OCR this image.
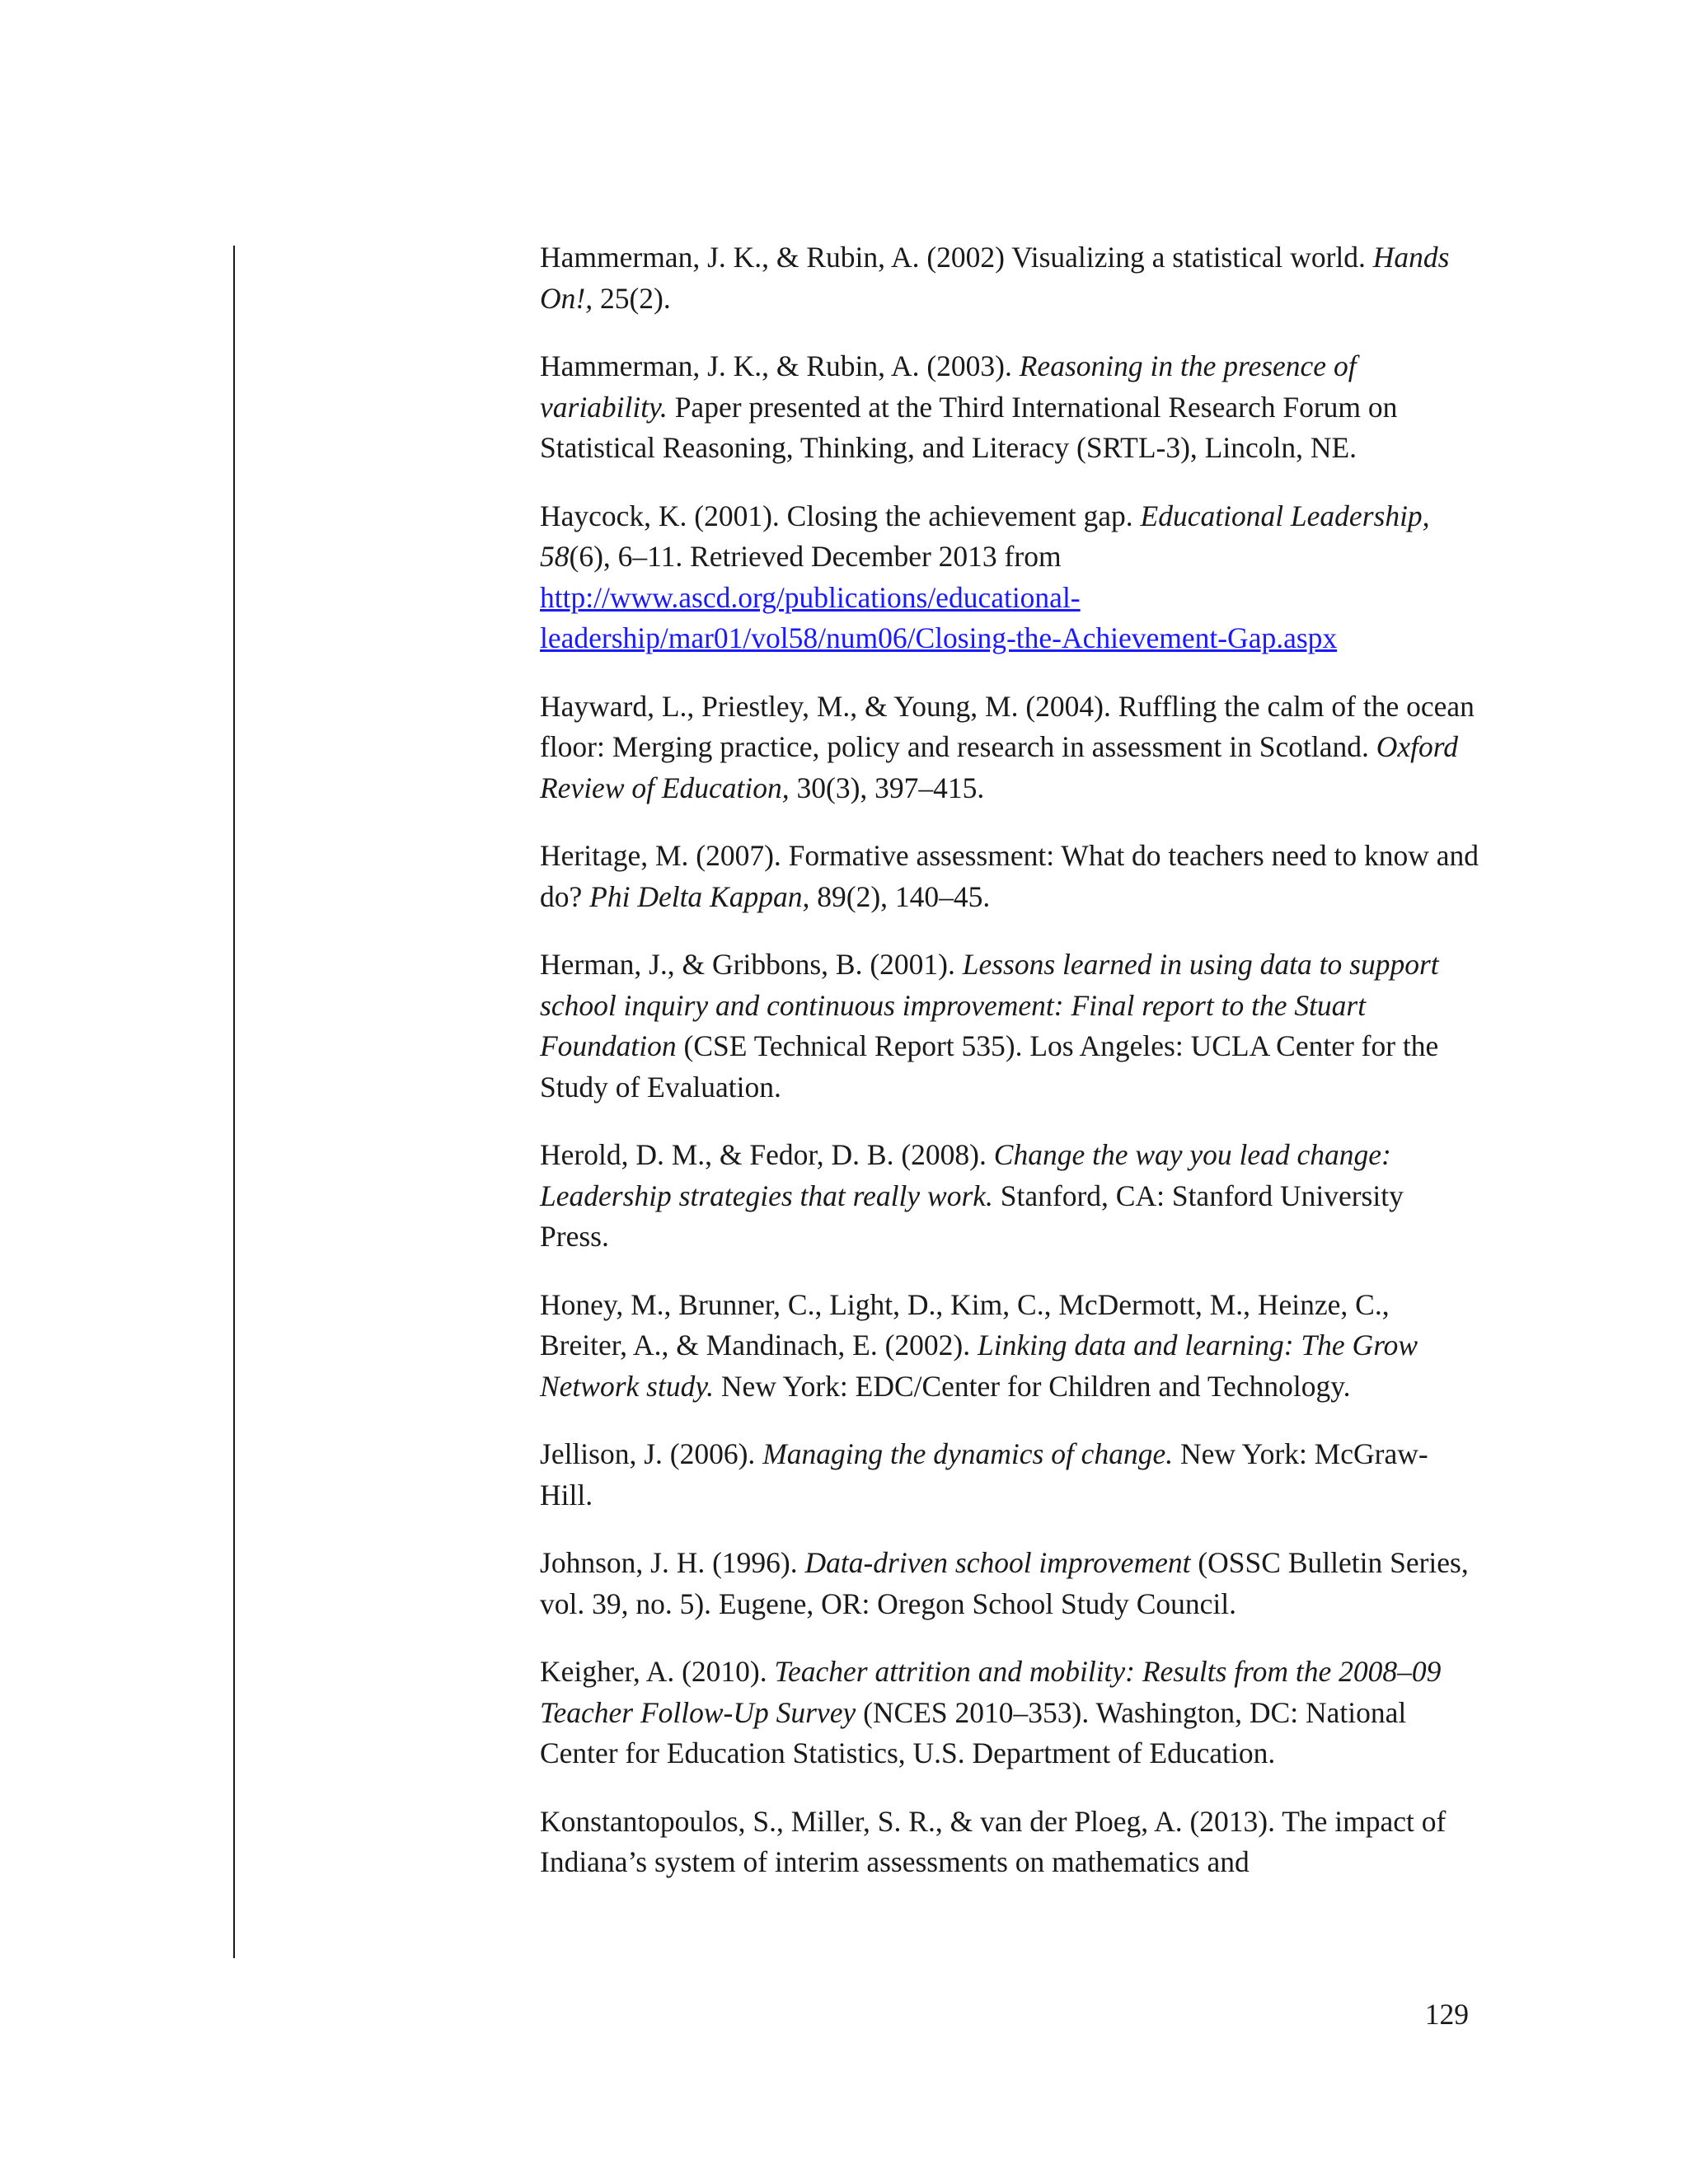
Hammerman, J. K., & Rubin, A. (2002) Visualizing a statistical world. Hands On!, 25(2).
Hammerman, J. K., & Rubin, A. (2003). Reasoning in the presence of variability. Paper presented at the Third International Research Forum on Statistical Reasoning, Thinking, and Literacy (SRTL-3), Lincoln, NE.
Haycock, K. (2001). Closing the achievement gap. Educational Leadership, 58(6), 6–11. Retrieved December 2013 from http://www.ascd.org/publications/educational-
leadership/mar01/vol58/num06/Closing-the-Achievement-Gap.aspx
Hayward, L., Priestley, M., & Young, M. (2004). Ruffling the calm of the ocean floor: Merging practice, policy and research in assessment in Scotland. Oxford Review of Education, 30(3), 397–415.
Heritage, M. (2007). Formative assessment: What do teachers need to know and do? Phi Delta Kappan, 89(2), 140–45.
Herman, J., & Gribbons, B. (2001). Lessons learned in using data to support school inquiry and continuous improvement: Final report to the Stuart Foundation (CSE Technical Report 535). Los Angeles: UCLA Center for the Study of Evaluation.
Herold, D. M., & Fedor, D. B. (2008). Change the way you lead change: Leadership strategies that really work. Stanford, CA: Stanford University Press.
Honey, M., Brunner, C., Light, D., Kim, C., McDermott, M., Heinze, C., Breiter, A., & Mandinach, E. (2002). Linking data and learning: The Grow Network study. New York: EDC/Center for Children and Technology.
Jellison, J. (2006). Managing the dynamics of change. New York: McGraw-Hill.
Johnson, J. H. (1996). Data-driven school improvement (OSSC Bulletin Series, vol. 39, no. 5). Eugene, OR: Oregon School Study Council.
Keigher, A. (2010). Teacher attrition and mobility: Results from the 2008–09 Teacher Follow-Up Survey (NCES 2010–353). Washington, DC: National Center for Education Statistics, U.S. Department of Education.
Konstantopoulos, S., Miller, S. R., & van der Ploeg, A. (2013). The impact of Indiana’s system of interim assessments on mathematics and
129
